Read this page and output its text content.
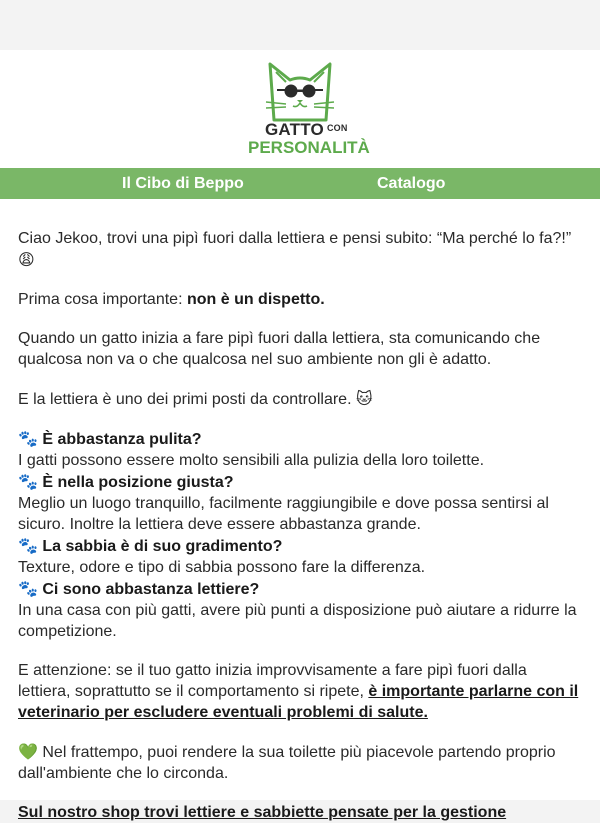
GATTO $^{CON}$
PERSONALITÀ
Il Cibo di Beppo	Catalogo

Ciao Jekoo, trovi una pipì fuori dalla lettiera e pensi subito: “Ma perché lo fa?!” 😩

Prima cosa importante: non è un dispetto.

Quando un gatto inizia a fare pipì fuori dalla lettiera, sta comunicando che qualcosa non va o che qualcosa nel suo ambiente non gli è adatto.

E la lettiera è uno dei primi posti da controllare. 🐱

🐾 È abbastanza pulita?

I gatti possono essere molto sensibili alla pulizia della loro toilette.

🐾 È nella posizione giusta?

Meglio un luogo tranquillo, facilmente raggiungibile e dove possa sentirsi al sicuro. Inoltre la lettiera deve essere abbastanza grande.

🐾 La sabbia è di suo gradimento?

Texture, odore e tipo di sabbia possono fare la differenza.

🐾 Ci sono abbastanza lettiere?

In una casa con più gatti, avere più punti a disposizione può aiutare a ridurre la competizione.

E attenzione: se il tuo gatto inizia improvvisamente a fare pipì fuori dalla lettiera, soprattutto se il comportamento si ripete, è importante parlarne con il veterinario per escludere eventuali problemi di salute.

💚 Nel frattempo, puoi rendere la sua toilette più piacevole partendo proprio dall'ambiente che lo circonda.

Sul nostro shop trovi lettiere e sabbiette pensate per la gestione
